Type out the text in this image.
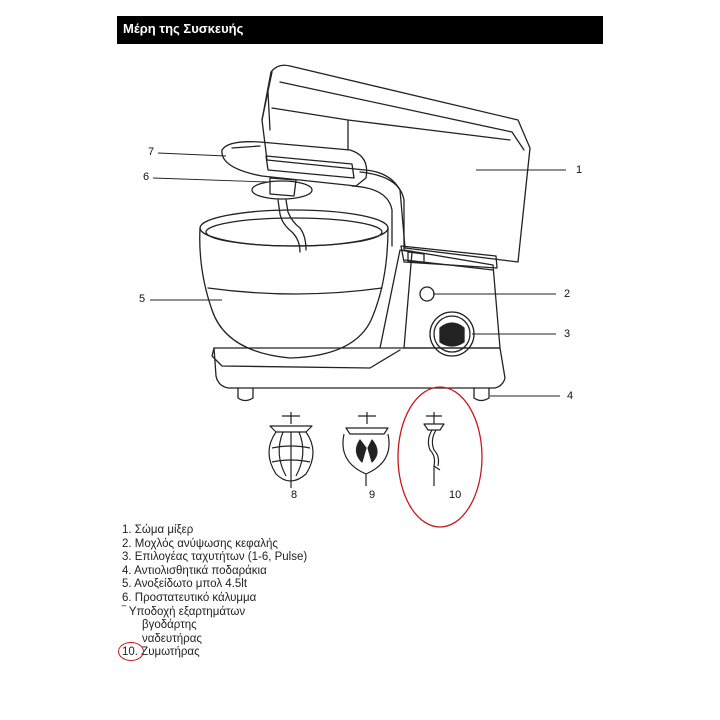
Μέρη της Συσκευής
7
6
1
2
5
3
4
8	9	10
1. Σώμα μίξερ
2. Μοχλός ανύψωσης κεφαλής
3. Επιλογέας ταχυτήτων (1-6, Pulse)
4. Αντιολισθητικά ποδαράκια
5. Ανοξείδωτο μπολ 4.5lt
6. Προστατευτικό κάλυμμα
‾ Υποδοχή εξαρτημάτων
βγοδάρτης
ναδευτήρας
10. Ζυμωτήρας
